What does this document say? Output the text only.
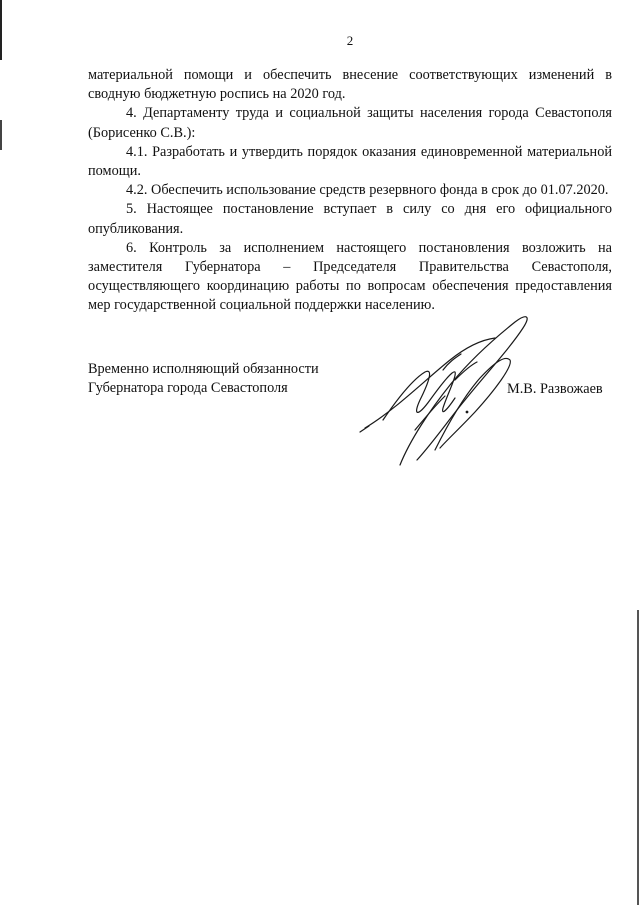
2

материальной помощи и обеспечить внесение соответствующих изменений в сводную бюджетную роспись на 2020 год.

4. Департаменту труда и социальной защиты населения города Севастополя (Борисенко С.В.):

4.1. Разработать и утвердить порядок оказания единовременной материальной помощи.

4.2. Обеспечить использование средств резервного фонда в срок до 01.07.2020.

5. Настоящее постановление вступает в силу со дня его официального опубликования.

6. Контроль за исполнением настоящего постановления возложить на заместителя Губернатора – Председателя Правительства Севастополя, осуществляющего координацию работы по вопросам обеспечения предоставления мер государственной социальной поддержки населению.

Временно исполняющий обязанности
Губернатора города Севастополя	М.В. Развожаев
